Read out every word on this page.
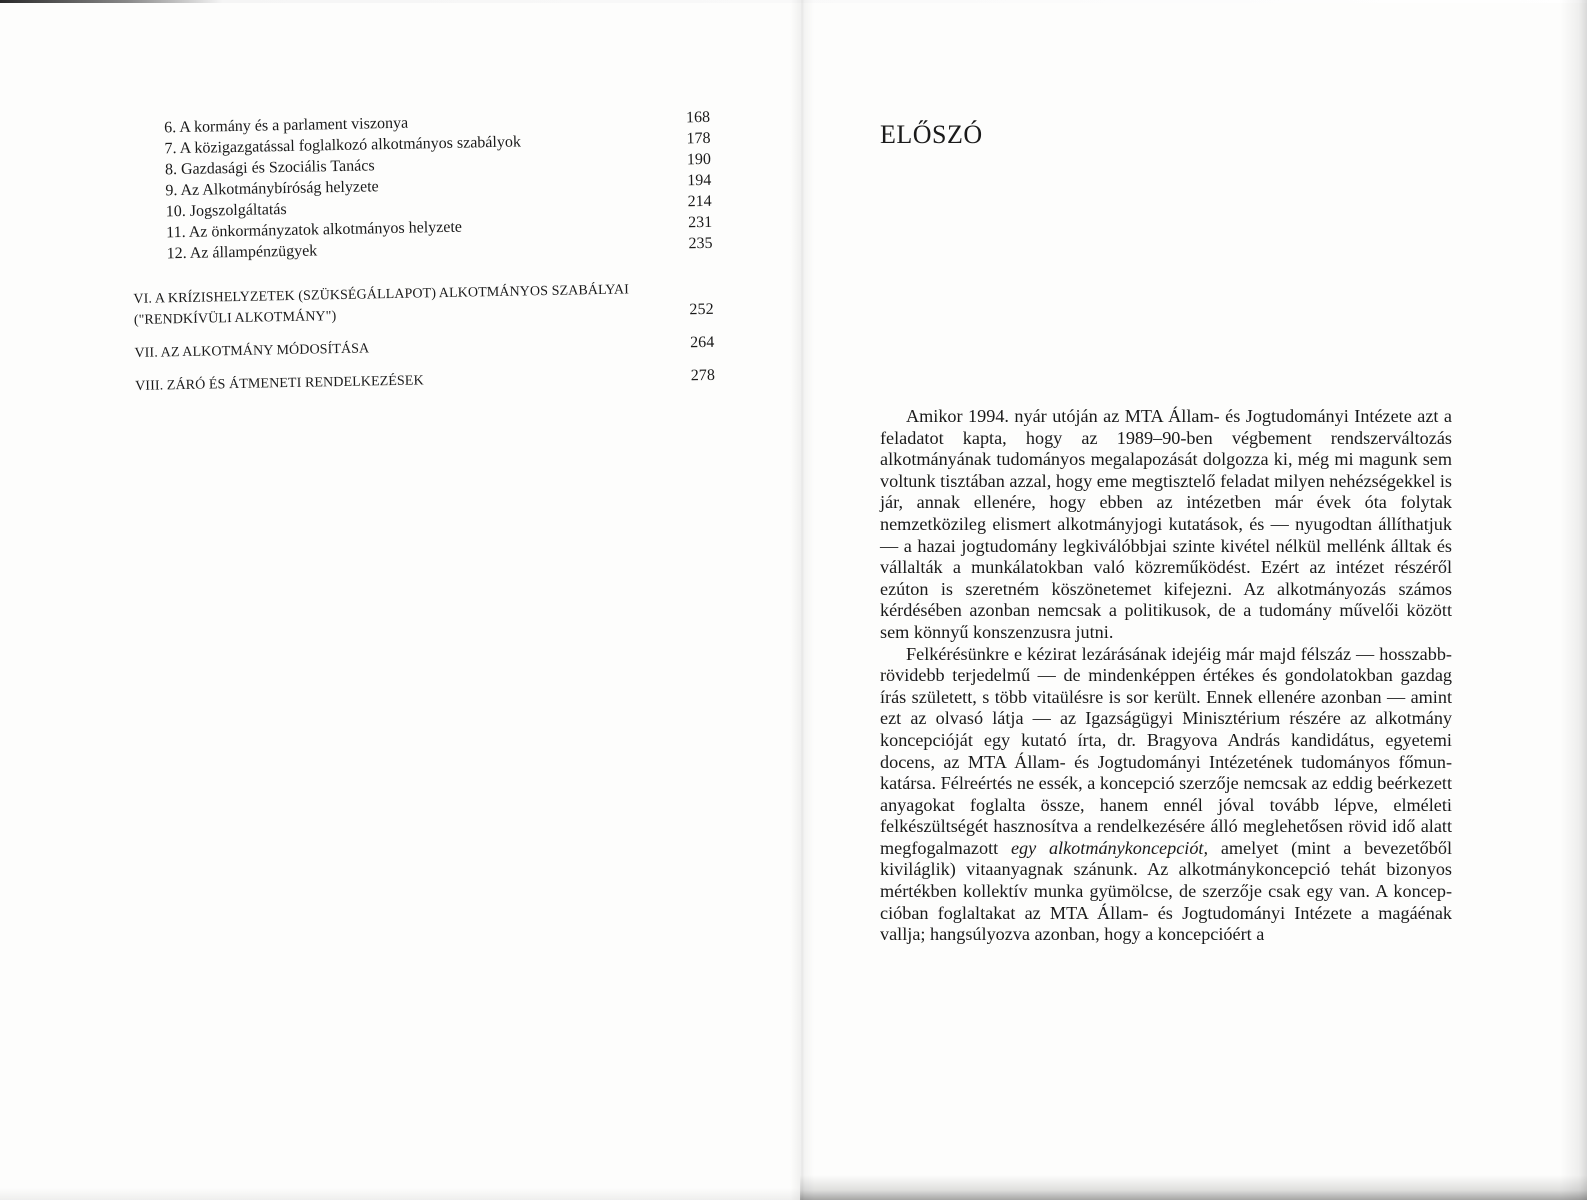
6. A kormány és a parlament viszonya	168
7. A közigazgatással foglalkozó alkotmányos szabályok	178
8. Gazdasági és Szociális Tanács	190
9. Az Alkotmánybíróság helyzete	194
10. Jogszolgáltatás	214
11. Az önkormányzatok alkotmányos helyzete	231
12. Az állampénzügyek	235
VI. A KRÍZISHELYZETEK (SZÜKSÉGÁLLAPOT) ALKOTMÁNYOS SZABÁLYAI ("RENDKÍVÜLI ALKOTMÁNY")	252
VII. AZ ALKOTMÁNY MÓDOSÍTÁSA	264
VIII. ZÁRÓ ÉS ÁTMENETI RENDELKEZÉSEK	278
ELŐSZÓ

Amikor 1994. nyár utóján az MTA Állam- és Jogtudományi Intézete azt a feladatot kapta, hogy az 1989–90-ben végbement rendszerváltozás alkotmányának tudományos megalapozását dolgozza ki, még mi magunk sem voltunk tisztában azzal, hogy eme megtisztelő feladat milyen nehézségekkel is jár, annak ellenére, hogy ebben az intézetben már évek óta folytak nemzetközileg elismert alkotmányjogi kutatások, és — nyugodtan állíthatjuk — a hazai jogtudomány legkiválóbbjai szinte kivétel nélkül mellénk álltak és vállalták a munkálatokban való közreműködést. Ezért az intézet részéről ezúton is szeretném köszönetemet kifejezni. Az alkotmányozás számos kérdésében azonban nemcsak a politikusok, de a tudomány művelői között sem könnyű konszenzusra jutni.

Felkérésünkre e kézirat lezárásának idejéig már majd félszáz — hosszabb-rövidebb terjedelmű — de mindenképpen értékes és gondolatokban gazdag írás született, s több vitaülésre is sor került. Ennek ellenére azonban — amint ezt az olvasó látja — az Igazságügyi Minisztérium részére az alkotmány koncepcióját egy kutató írta, dr. Bragyova András kandidátus, egyetemi docens, az MTA Állam- és Jogtudományi Intézetének tudományos főmunkatársa. Félreértés ne essék, a koncepció szerzője nemcsak az eddig beérkezett anyagokat foglalta össze, hanem ennél jóval tovább lépve, elméleti felkészültségét hasznosítva a rendelkezésére álló meglehetősen rövid idő alatt megfogalmazott egy alkotmánykoncepciót, amelyet (mint a bevezetőből kiviláglik) vitaanyagnak szánunk. Az alkotmánykoncepció tehát bizonyos mértékben kollektív munka gyümölcse, de szerzője csak egy van. A koncepcióban foglaltakat az MTA Állam- és Jogtudományi Intézete a magáénak vallja; hangsúlyozva azonban, hogy a koncepcióért a
